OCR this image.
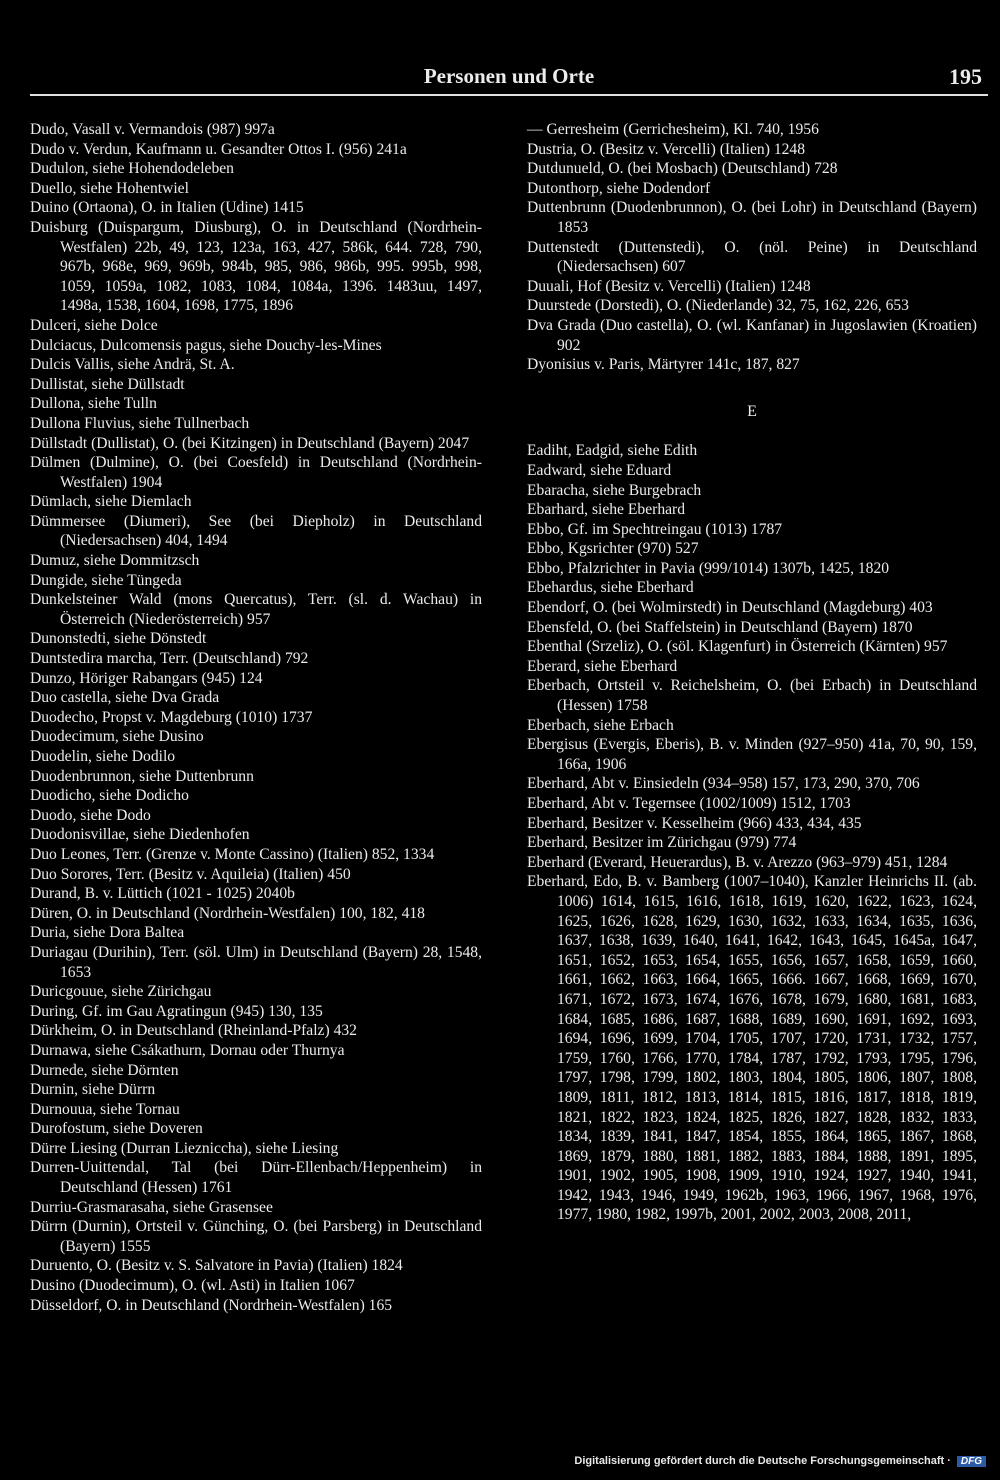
Personen und Orte	195
Dudo, Vasall v. Vermandois (987) 997a
Dudo v. Verdun, Kaufmann u. Gesandter Ottos I. (956) 241a
Dudulon, siehe Hohendodeleben
Duello, siehe Hohentwiel
Duino (Ortaona), O. in Italien (Udine) 1415
Duisburg (Duispargum, Diusburg), O. in Deutschland (Nordrhein-Westfalen) 22b, 49, 123, 123a, 163, 427, 586k, 644. 728, 790, 967b, 968e, 969, 969b, 984b, 985, 986, 986b, 995. 995b, 998, 1059, 1059a, 1082, 1083, 1084, 1084a, 1396. 1483uu, 1497, 1498a, 1538, 1604, 1698, 1775, 1896
Dulceri, siehe Dolce
Dulciacus, Dulcomensis pagus, siehe Douchy-les-Mines
Dulcis Vallis, siehe Andrä, St. A.
Dullistat, siehe Düllstadt
Dullona, siehe Tulln
Dullona Fluvius, siehe Tullnerbach
Düllstadt (Dullistat), O. (bei Kitzingen) in Deutschland (Bayern) 2047
Dülmen (Dulmine), O. (bei Coesfeld) in Deutschland (Nordrhein-Westfalen) 1904
Dümlach, siehe Diemlach
Dümmersee (Diumeri), See (bei Diepholz) in Deutschland (Niedersachsen) 404, 1494
Dumuz, siehe Dommitzsch
Dungide, siehe Tüngeda
Dunkelsteiner Wald (mons Quercatus), Terr. (sl. d. Wachau) in Österreich (Niederösterreich) 957
Dunonstedti, siehe Dönstedt
Duntstedira marcha, Terr. (Deutschland) 792
Dunzo, Höriger Rabangars (945) 124
Duo castella, siehe Dva Grada
Duodecho, Propst v. Magdeburg (1010) 1737
Duodecimum, siehe Dusino
Duodelin, siehe Dodilo
Duodenbrunnon, siehe Duttenbrunn
Duodicho, siehe Dodicho
Duodo, siehe Dodo
Duodonisvillae, siehe Diedenhofen
Duo Leones, Terr. (Grenze v. Monte Cassino) (Italien) 852, 1334
Duo Sorores, Terr. (Besitz v. Aquileia) (Italien) 450
Durand, B. v. Lüttich (1021 - 1025) 2040b
Düren, O. in Deutschland (Nordrhein-Westfalen) 100, 182, 418
Duria, siehe Dora Baltea
Duriagau (Durihin), Terr. (söl. Ulm) in Deutschland (Bayern) 28, 1548, 1653
Duricgouue, siehe Zürichgau
During, Gf. im Gau Agratingun (945) 130, 135
Dürkheim, O. in Deutschland (Rheinland-Pfalz) 432
Durnawa, siehe Csákathurn, Dornau oder Thurnya
Durnede, siehe Dörnten
Durnin, siehe Dürrn
Durnouua, siehe Tornau
Durofostum, siehe Doveren
Dürre Liesing (Durran Lieznicсha), siehe Liesing
Durren-Uuittendal, Tal (bei Dürr-Ellenbach/Heppenheim) in Deutschland (Hessen) 1761
Durriu-Grasmarasaha, siehe Grasensee
Dürrn (Durnin), Ortsteil v. Günching, O. (bei Parsberg) in Deutschland (Bayern) 1555
Duruento, O. (Besitz v. S. Salvatore in Pavia) (Italien) 1824
Dusino (Duodecimum), O. (wl. Asti) in Italien 1067
Düsseldorf, O. in Deutschland (Nordrhein-Westfalen) 165
— Gerresheim (Gerrichesheim), Kl. 740, 1956
Dustria, O. (Besitz v. Vercelli) (Italien) 1248
Dutdunueld, O. (bei Mosbach) (Deutschland) 728
Dutonthorp, siehe Dodendorf
Duttenbrunn (Duodenbrunnon), O. (bei Lohr) in Deutschland (Bayern) 1853
Duttenstedt (Duttenstedi), O. (nöl. Peine) in Deutschland (Niedersachsen) 607
Duuali, Hof (Besitz v. Vercelli) (Italien) 1248
Duurstede (Dorstedi), O. (Niederlande) 32, 75, 162, 226, 653
Dva Grada (Duo castella), O. (wl. Kanfanar) in Jugoslawien (Kroatien) 902
Dyonisius v. Paris, Märtyrer 141c, 187, 827
E
Eadiht, Eadgid, siehe Edith
Eadward, siehe Eduard
Ebaracha, siehe Burgebrach
Ebarhard, siehe Eberhard
Ebbo, Gf. im Spechtreingau (1013) 1787
Ebbo, Kgsrichter (970) 527
Ebbo, Pfalzrichter in Pavia (999/1014) 1307b, 1425, 1820
Ebehardus, siehe Eberhard
Ebendorf, O. (bei Wolmirstedt) in Deutschland (Magdeburg) 403
Ebensfeld, O. (bei Staffelstein) in Deutschland (Bayern) 1870
Ebenthal (Srzeliz), O. (söl. Klagenfurt) in Österreich (Kärnten) 957
Eberard, siehe Eberhard
Eberbach, Ortsteil v. Reichelsheim, O. (bei Erbach) in Deutschland (Hessen) 1758
Eberbach, siehe Erbach
Ebergisus (Evergis, Eberis), B. v. Minden (927–950) 41a, 70, 90, 159, 166a, 1906
Eberhard, Abt v. Einsiedeln (934–958) 157, 173, 290, 370, 706
Eberhard, Abt v. Tegernsee (1002/1009) 1512, 1703
Eberhard, Besitzer v. Kesselheim (966) 433, 434, 435
Eberhard, Besitzer im Zürichgau (979) 774
Eberhard (Everard, Heuerardus), B. v. Arezzo (963–979) 451, 1284
Eberhard, Edo, B. v. Bamberg (1007–1040), Kanzler Heinrichs II. (ab. 1006) 1614, 1615, 1616, 1618, 1619, 1620, 1622, 1623, 1624, 1625, 1626, 1628, 1629, 1630, 1632, 1633, 1634, 1635, 1636, 1637, 1638, 1639, 1640, 1641, 1642, 1643, 1645, 1645a, 1647, 1651, 1652, 1653, 1654, 1655, 1656, 1657, 1658, 1659, 1660, 1661, 1662, 1663, 1664, 1665, 1666. 1667, 1668, 1669, 1670, 1671, 1672, 1673, 1674, 1676, 1678, 1679, 1680, 1681, 1683, 1684, 1685, 1686, 1687, 1688, 1689, 1690, 1691, 1692, 1693, 1694, 1696, 1699, 1704, 1705, 1707, 1720, 1731, 1732, 1757, 1759, 1760, 1766, 1770, 1784, 1787, 1792, 1793, 1795, 1796, 1797, 1798, 1799, 1802, 1803, 1804, 1805, 1806, 1807, 1808, 1809, 1811, 1812, 1813, 1814, 1815, 1816, 1817, 1818, 1819, 1821, 1822, 1823, 1824, 1825, 1826, 1827, 1828, 1832, 1833, 1834, 1839, 1841, 1847, 1854, 1855, 1864, 1865, 1867, 1868, 1869, 1879, 1880, 1881, 1882, 1883, 1884, 1888, 1891, 1895, 1901, 1902, 1905, 1908, 1909, 1910, 1924, 1927, 1940, 1941, 1942, 1943, 1946, 1949, 1962b, 1963, 1966, 1967, 1968, 1976, 1977, 1980, 1982, 1997b, 2001, 2002, 2003, 2008, 2011,
Digitalisierung gefördert durch die Deutsche Forschungsgemeinschaft · DFG
